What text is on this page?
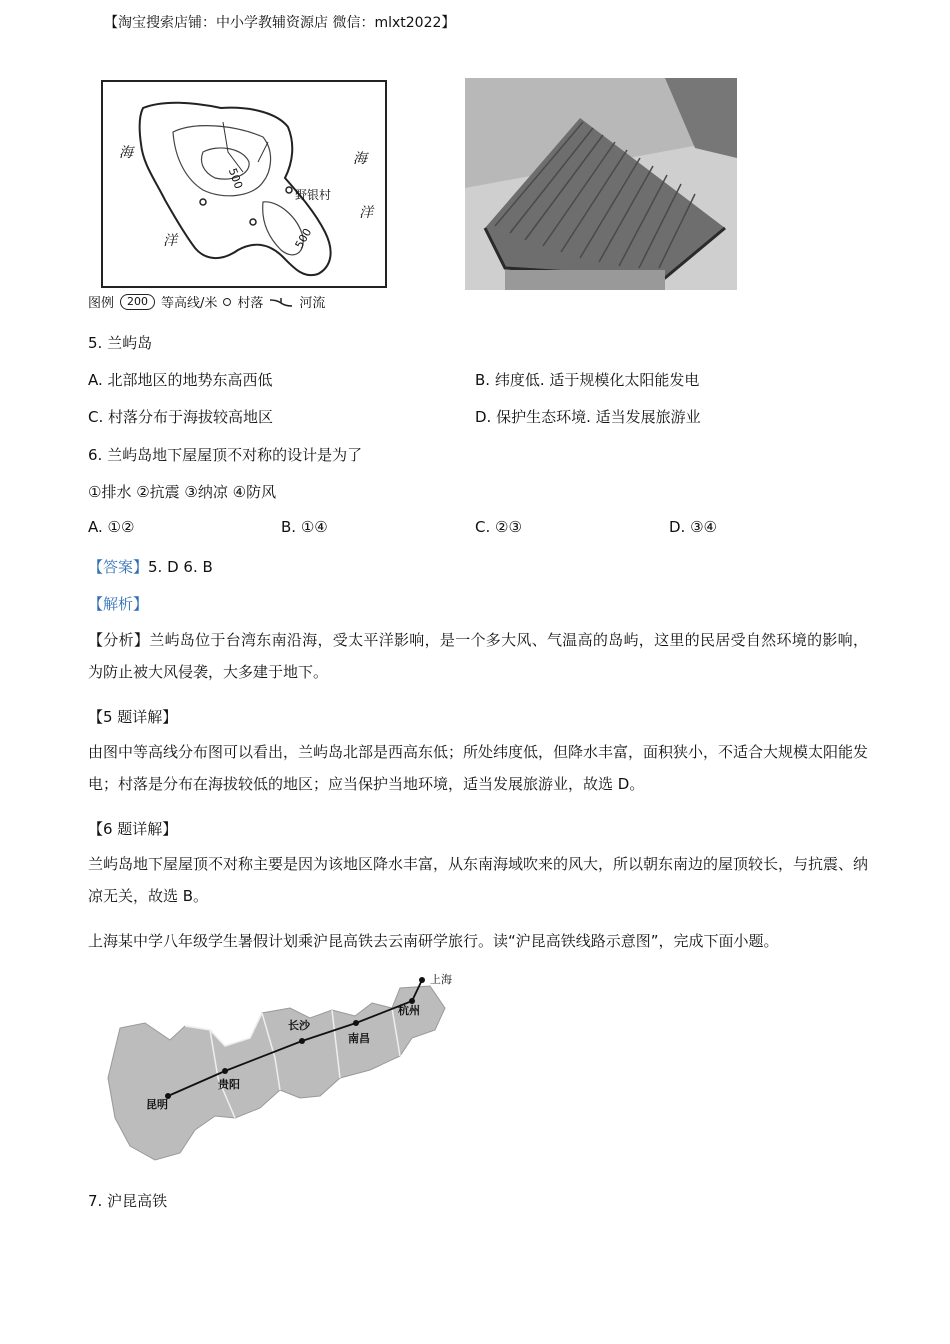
【淘宝搜索店铺：中小学教辅资源店 微信：mlxt2022】
海	海
洋
洋
500
500
野银村
图例	200	等高线/米 村落	河流
5. 兰屿岛
A. 北部地区的地势东高西低	B. 纬度低. 适于规模化太阳能发电
C. 村落分布于海拔较高地区	D. 保护生态环境. 适当发展旅游业
6. 兰屿岛地下屋屋顶不对称的设计是为了
①排水 ②抗震 ③纳凉 ④防风
A. ①②	B. ①④	C. ②③	D. ③④
【答案】5. D 6. B
【解析】
【分析】兰屿岛位于台湾东南沿海，受太平洋影响，是一个多大风、气温高的岛屿，这里的民居受自然环境的影响，为防止被大风侵袭，大多建于地下。
【5 题详解】
由图中等高线分布图可以看出，兰屿岛北部是西高东低；所处纬度低，但降水丰富，面积狭小，不适合大规模太阳能发电；村落是分布在海拔较低的地区；应当保护当地环境，适当发展旅游业，故选 D。
【6 题详解】
兰屿岛地下屋屋顶不对称主要是因为该地区降水丰富，从东南海域吹来的风大，所以朝东南边的屋顶较长，与抗震、纳凉无关，故选 B。
上海某中学八年级学生暑假计划乘沪昆高铁去云南研学旅行。读“沪昆高铁线路示意图”，完成下面小题。
上海
杭州
南昌
长沙
贵阳
昆明
7. 沪昆高铁
